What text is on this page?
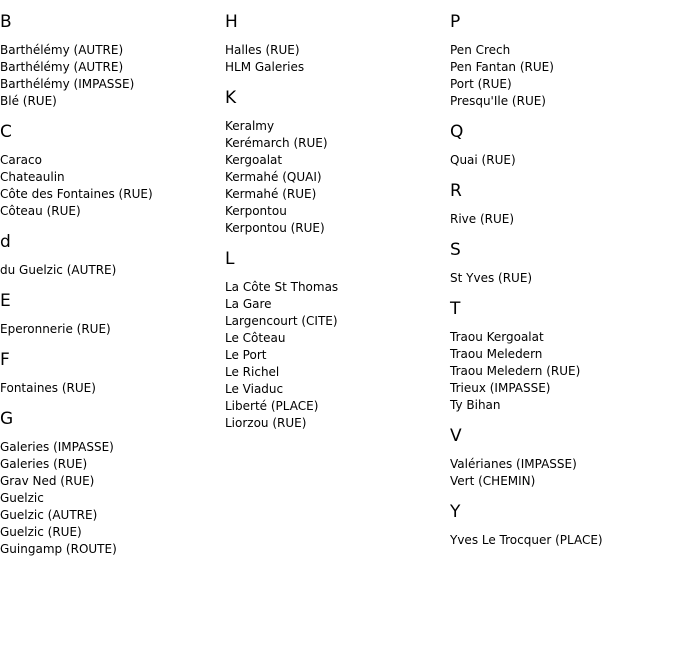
B
Barthélémy (AUTRE)
Barthélémy (AUTRE)
Barthélémy (IMPASSE)
Blé (RUE)
C
Caraco
Chateaulin
Côte des Fontaines (RUE)
Côteau (RUE)
d
du Guelzic (AUTRE)
E
Eperonnerie (RUE)
F
Fontaines (RUE)
G
Galeries (IMPASSE)
Galeries (RUE)
Grav Ned (RUE)
Guelzic
Guelzic (AUTRE)
Guelzic (RUE)
Guingamp (ROUTE)
H
Halles (RUE)
HLM Galeries
K
Keralmy
Kerémarch (RUE)
Kergoalat
Kermahé (QUAI)
Kermahé (RUE)
Kerpontou
Kerpontou (RUE)
L
La Côte St Thomas
La Gare
Largencourt (CITE)
Le Côteau
Le Port
Le Richel
Le Viaduc
Liberté (PLACE)
Liorzou (RUE)
P
Pen Crech
Pen Fantan (RUE)
Port (RUE)
Presqu'Ile (RUE)
Q
Quai (RUE)
R
Rive (RUE)
S
St Yves (RUE)
T
Traou Kergoalat
Traou Meledern
Traou Meledern (RUE)
Trieux (IMPASSE)
Ty Bihan
V
Valérianes (IMPASSE)
Vert (CHEMIN)
Y
Yves Le Trocquer (PLACE)
